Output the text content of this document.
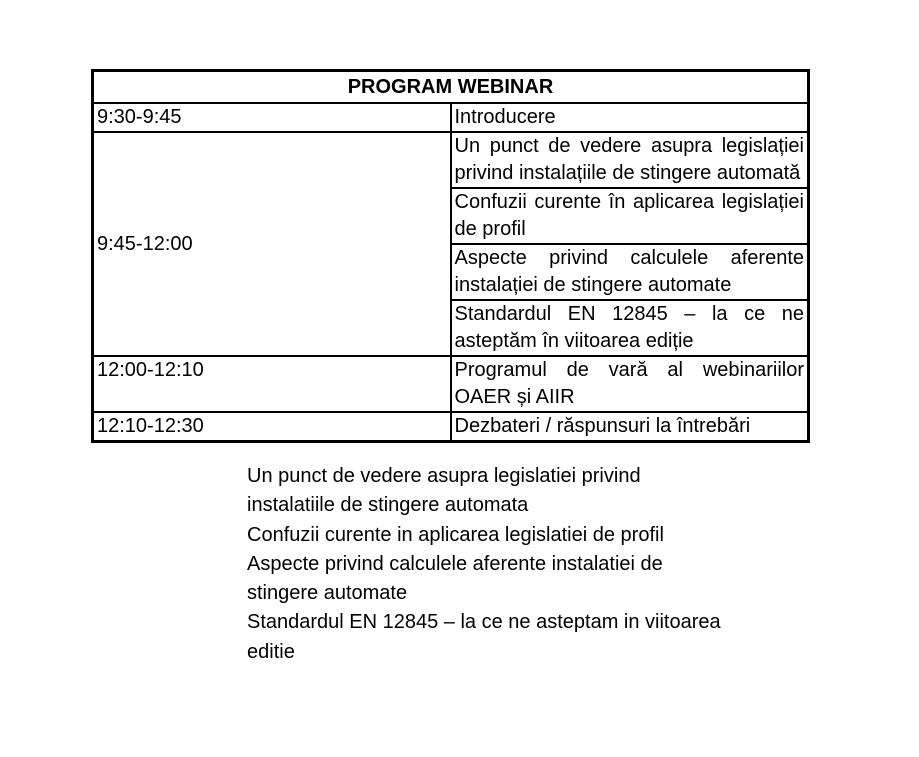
PROGRAM WEBINAR	
9:30-9:45	Introducere
9:45-12:00	Un punct de vedere asupra legislației privind instalațiile de stingere automată
	Confuzii curente în aplicarea legislației de profil
	Aspecte privind calculele aferente instalației de stingere automate
	Standardul EN 12845 – la ce ne asteptăm în viitoarea ediție
12:00-12:10	Programul de vară al webinariilor OAER și AIIR
12:10-12:30	Dezbateri / răspunsuri la întrebări
Un punct de vedere asupra legislatiei privind
instalatiile de stingere automata
Confuzii curente in aplicarea legislatiei de profil
Aspecte privind calculele aferente instalatiei de
stingere automate
Standardul EN 12845 – la ce ne asteptam in viitoarea
editie
